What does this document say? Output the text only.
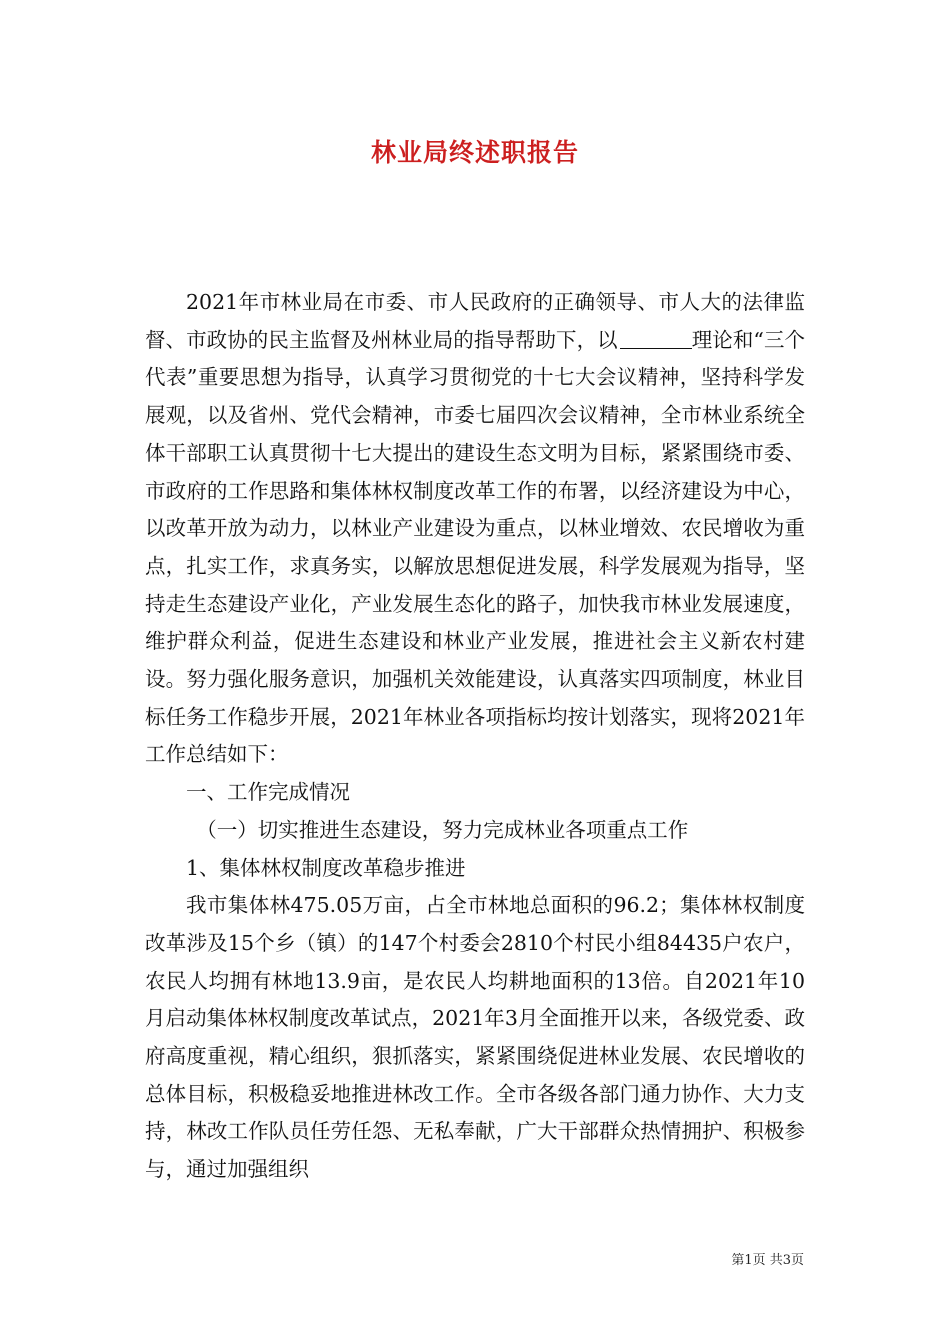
林业局终述职报告

2021年市林业局在市委、市人民政府的正确领导、市人大的法律监督、市政协的民主监督及州林业局的指导帮助下，以	理论和“三个代表”重要思想为指导，认真学习贯彻党的十七大会议精神，坚持科学发展观，以及省州、党代会精神，市委七届四次会议精神，全市林业系统全体干部职工认真贯彻十七大提出的建设生态文明为目标，紧紧围绕市委、市政府的工作思路和集体林权制度改革工作的布署，以经济建设为中心，以改革开放为动力，以林业产业建设为重点，以林业增效、农民增收为重点，扎实工作，求真务实，以解放思想促进发展，科学发展观为指导，坚持走生态建设产业化，产业发展生态化的路子，加快我市林业发展速度，维护群众利益，促进生态建设和林业产业发展，推进社会主义新农村建设。努力强化服务意识，加强机关效能建设，认真落实四项制度，林业目标任务工作稳步开展，2021年林业各项指标均按计划落实，现将2021年工作总结如下：

一、工作完成情况

（一）切实推进生态建设，努力完成林业各项重点工作

1、集体林权制度改革稳步推进

我市集体林475.05万亩，占全市林地总面积的96.2；集体林权制度改革涉及15个乡（镇）的147个村委会2810个村民小组84435户农户，农民人均拥有林地13.9亩，是农民人均耕地面积的13倍。自2021年10月启动集体林权制度改革试点，2021年3月全面推开以来，各级党委、政府高度重视，精心组织，狠抓落实，紧紧围绕促进林业发展、农民增收的总体目标，积极稳妥地推进林改工作。全市各级各部门通力协作、大力支持，林改工作队员任劳任怨、无私奉献，广大干部群众热情拥护、积极参与，通过加强组织

第1页 共3页
